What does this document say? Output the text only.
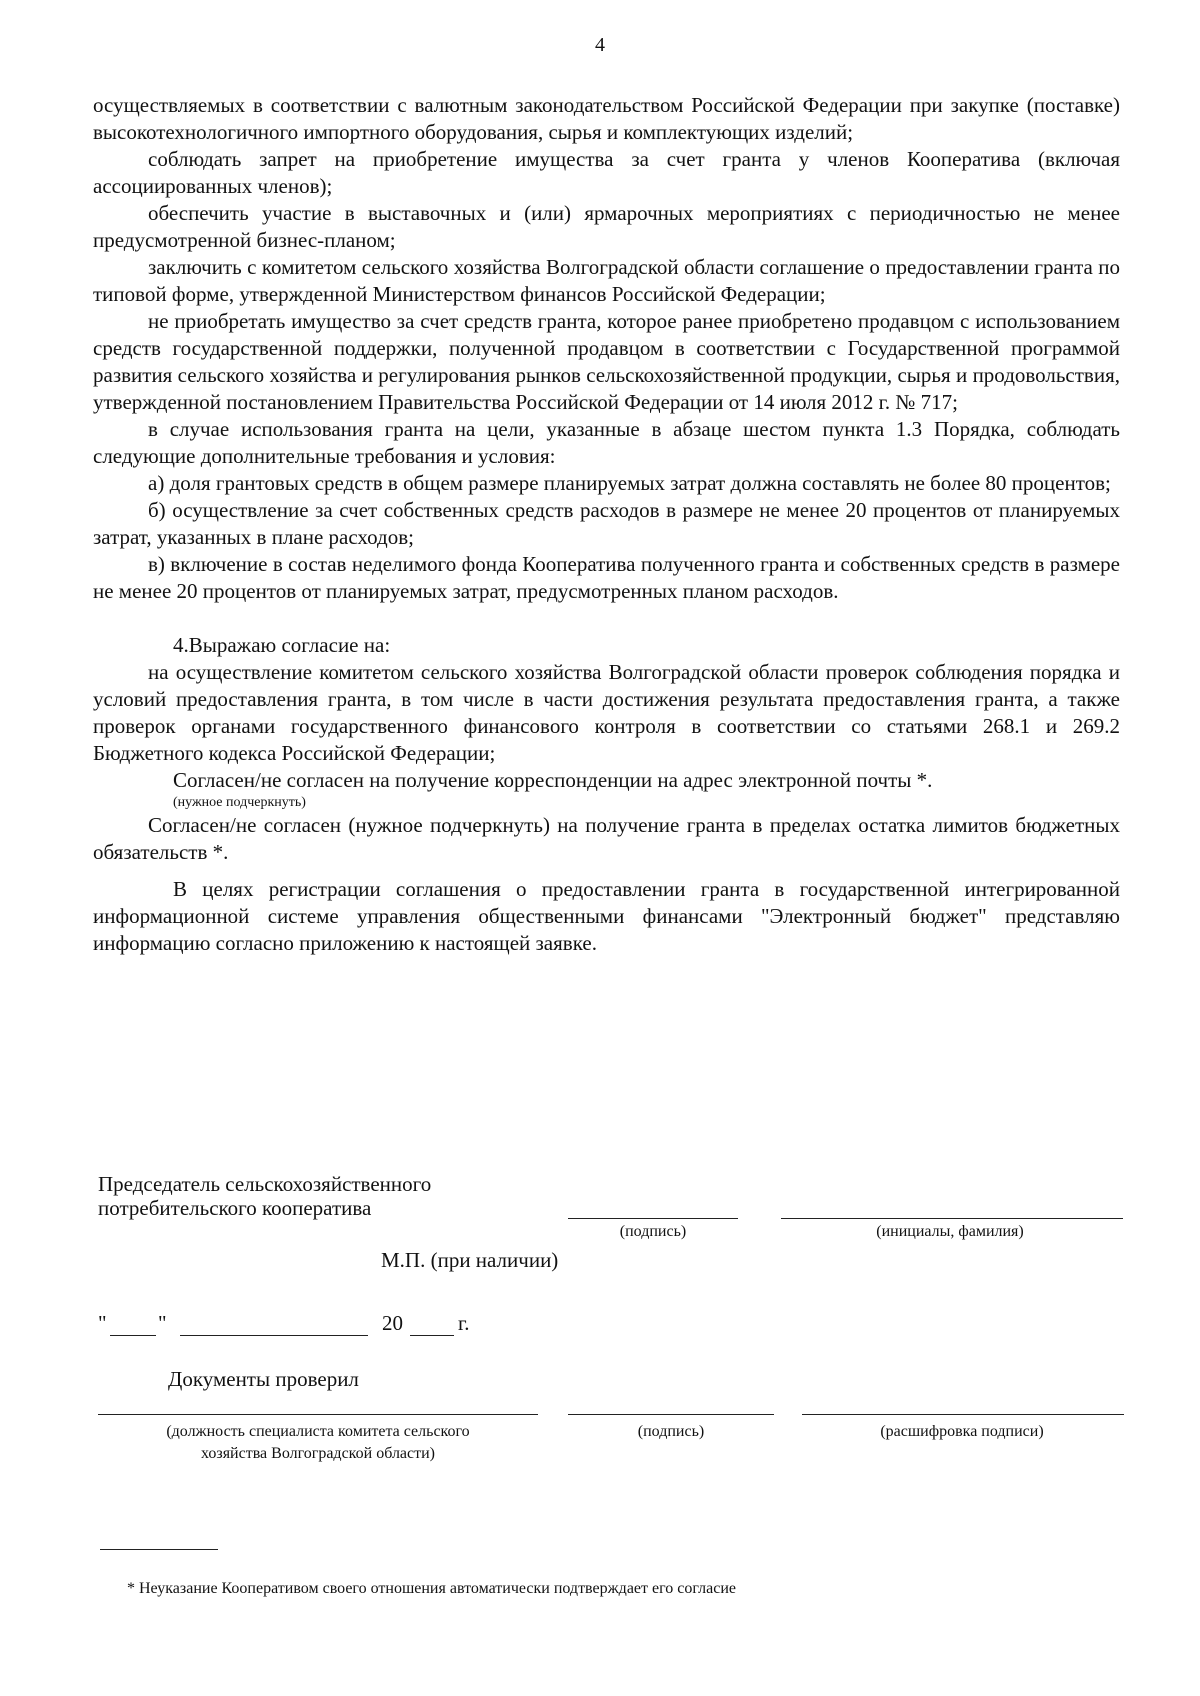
4

осуществляемых в соответствии с валютным законодательством Российской Федерации при закупке (поставке) высокотехнологичного импортного оборудования, сырья и комплектующих изделий;

соблюдать запрет на приобретение имущества за счет гранта у членов Кооператива (включая ассоциированных членов);

обеспечить участие в выставочных и (или) ярмарочных мероприятиях с периодичностью не менее предусмотренной бизнес-планом;

заключить с комитетом сельского хозяйства Волгоградской области соглашение о предоставлении гранта по типовой форме, утвержденной Министерством финансов Российской Федерации;

не приобретать имущество за счет средств гранта, которое ранее приобретено продавцом с использованием средств государственной поддержки, полученной продавцом в соответствии с Государственной программой развития сельского хозяйства и регулирования рынков сельскохозяйственной продукции, сырья и продовольствия, утвержденной постановлением Правительства Российской Федерации от 14 июля 2012 г. № 717;

в случае использования гранта на цели, указанные в абзаце шестом пункта 1.3 Порядка, соблюдать следующие дополнительные требования и условия:

а) доля грантовых средств в общем размере планируемых затрат должна составлять не более 80 процентов;

б) осуществление за счет собственных средств расходов в размере не менее 20 процентов от планируемых затрат, указанных в плане расходов;

в) включение в состав неделимого фонда Кооператива полученного гранта и собственных средств в размере не менее 20 процентов от планируемых затрат, предусмотренных планом расходов.

4.Выражаю согласие на:

на осуществление комитетом сельского хозяйства Волгоградской области проверок соблюдения порядка и условий предоставления гранта, в том числе в части достижения результата предоставления гранта, а также проверок органами государственного финансового контроля в соответствии со статьями 268.1 и 269.2 Бюджетного кодекса Российской Федерации;

Согласен/не согласен на получение корреспонденции на адрес электронной почты *.

(нужное подчеркнуть)

Согласен/не согласен (нужное подчеркнуть) на получение гранта в пределах остатка лимитов бюджетных обязательств *.

В целях регистрации соглашения о предоставлении гранта в государственной интегрированной информационной системе управления общественными финансами "Электронный бюджет" представляю информацию согласно приложению к настоящей заявке.

Председатель сельскохозяйственного
потребительского кооператива
(подпись)	(инициалы, фамилия)
М.П. (при наличии)
" "	20	г.
Документы проверил
(должность специалиста комитета сельского
хозяйства Волгоградской области)
(подпись)	(расшифровка подписи)
* Неуказание Кооперативом своего отношения автоматически подтверждает его согласие
